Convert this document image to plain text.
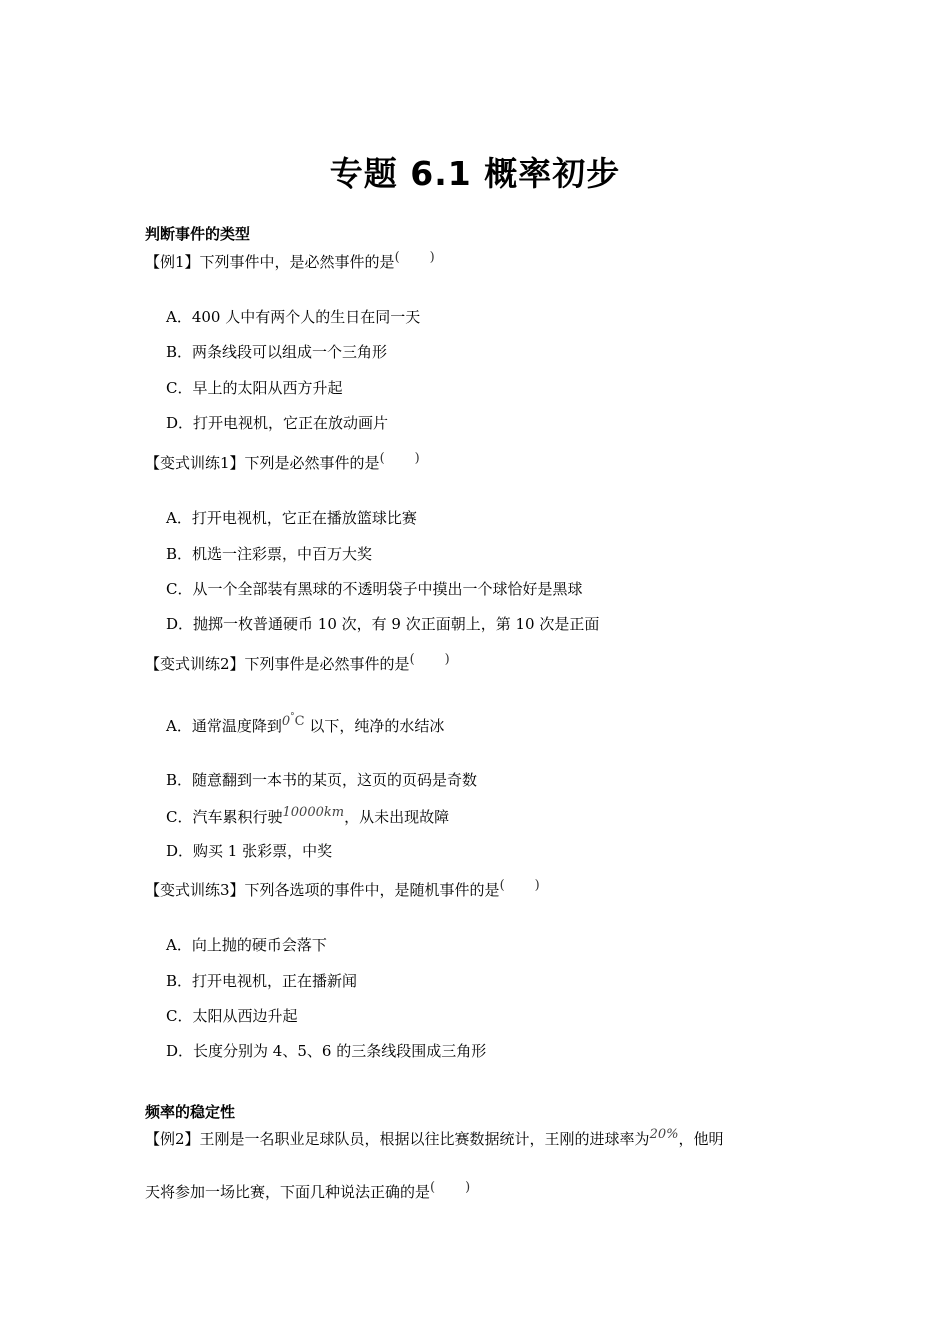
专题 6.1 概率初步
判断事件的类型
【例1】下列事件中，是必然事件的是( )
A．400 人中有两个人的生日在同一天
B．两条线段可以组成一个三角形
C．早上的太阳从西方升起
D．打开电视机，它正在放动画片
【变式训练1】下列是必然事件的是( )
A．打开电视机，它正在播放篮球比赛
B．机选一注彩票，中百万大奖
C．从一个全部装有黑球的不透明袋子中摸出一个球恰好是黑球
D．抛掷一枚普通硬币 10 次，有 9 次正面朝上，第 10 次是正面
【变式训练2】下列事件是必然事件的是( )
A．通常温度降到0°C 以下，纯净的水结冰
B．随意翻到一本书的某页，这页的页码是奇数
C．汽车累积行驶10000km，从未出现故障
D．购买 1 张彩票，中奖
【变式训练3】下列各选项的事件中，是随机事件的是( )
A．向上抛的硬币会落下
B．打开电视机，正在播新闻
C．太阳从西边升起
D．长度分别为 4、5、6 的三条线段围成三角形
频率的稳定性
【例2】王刚是一名职业足球队员，根据以往比赛数据统计，王刚的进球率为20%，他明
天将参加一场比赛，下面几种说法正确的是( )
